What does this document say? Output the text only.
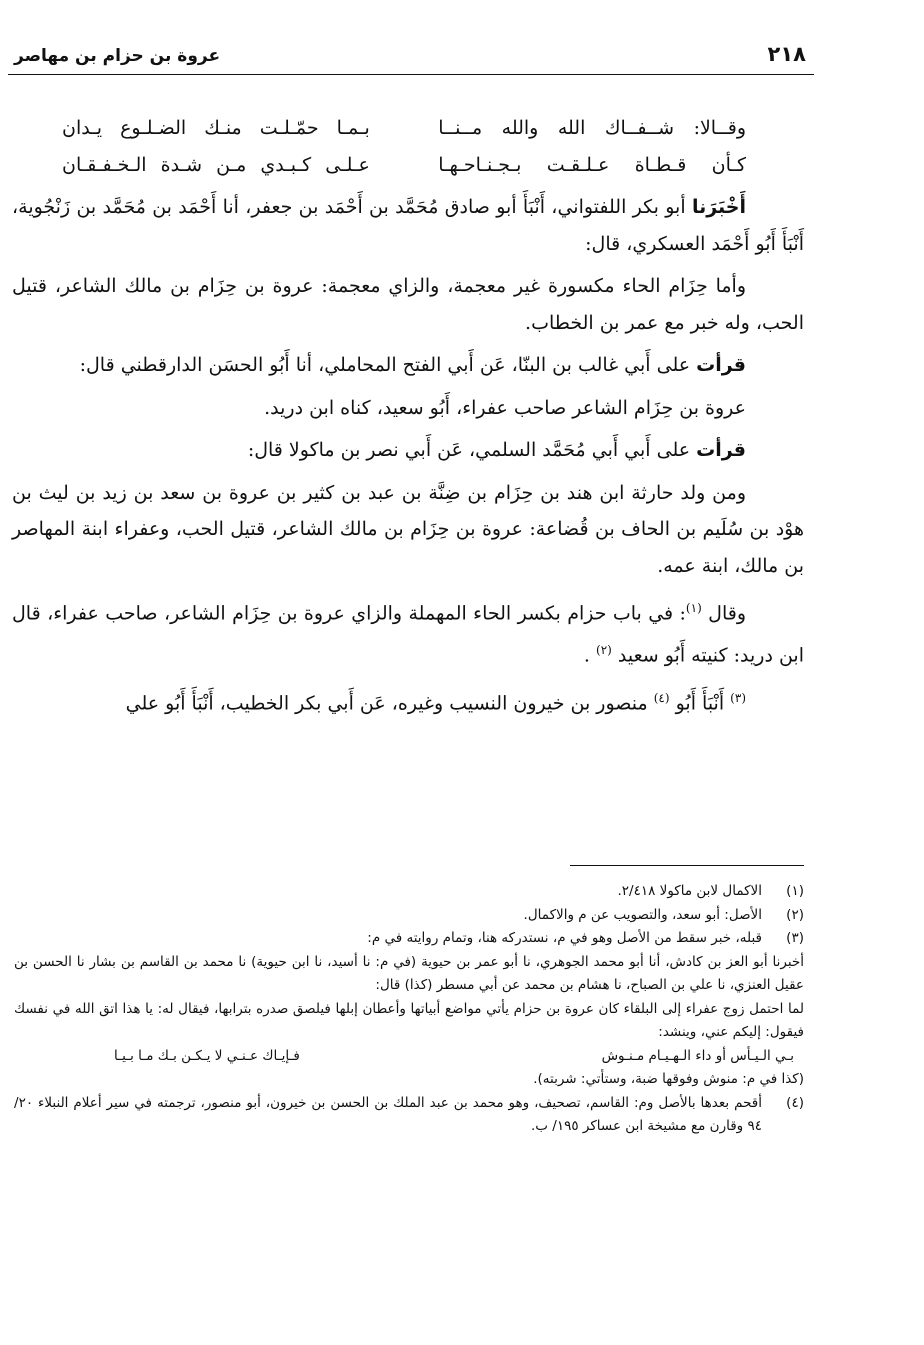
٢١٨
عروة بن حزام بن مهاصر
وقــالا: شــفــاك الله والله مــنــا
بـمـا حمّـلـت منـك الضـلـوع يـدان
كـأن قـطـاة عـلـقـت بـجـنـاحـهـا
عـلـى كـبـدي مـن شـدة الـخـفـقـان

أَخْبَرَنا أبو بكر اللفتواني، أَنْبَأَ أبو صادق مُحَمَّد بن أَحْمَد بن جعفر، أنا أَحْمَد بن مُحَمَّد بن زَنْجُوية، أَنْبَأَ أَبُو أَحْمَد العسكري، قال:

وأما حِزَام الحاء مكسورة غير معجمة، والزاي معجمة: عروة بن حِزَام بن مالك الشاعر، قتيل الحب، وله خبر مع عمر بن الخطاب.

قرأت على أَبي غالب بن البنّا، عَن أَبي الفتح المحاملي، أنا أَبُو الحسَن الدارقطني قال:

عروة بن حِزَام الشاعر صاحب عفراء، أَبُو سعيد، كناه ابن دريد.

قرأت على أَبي أَبي مُحَمَّد السلمي، عَن أَبي نصر بن ماكولا قال:

ومن ولد حارثة ابن هند بن حِزَام بن ضِنَّة بن عبد بن كثير بن عروة بن سعد بن زيد بن ليث بن هوْد بن سُلَيم بن الحاف بن قُضاعة: عروة بن حِزَام بن مالك الشاعر، قتيل الحب، وعفراء ابنة المهاصر بن مالك، ابنة عمه.

وقال $^{(١)}$: في باب حزام بكسر الحاء المهملة والزاي عروة بن حِزَام الشاعر، صاحب عفراء، قال ابن دريد: كنيته أَبُو سعيد $^{(٢)}$ .

$^{(٣)}$ أَنْبَأَ أَبُو $^{(٤)}$ منصور بن خيرون النسيب وغيره، عَن أَبي بكر الخطيب، أَنْبَأَ أَبُو علي

(١)

الاكمال لابن ماكولا ٢/٤١٨.

(٢)

الأصل: أبو سعد، والتصويب عن م والاكمال.

(٣)

قبله، خبر سقط من الأصل وهو في م، نستدركه هنا، وتمام روايته في م:

أخبرنا أبو العز بن كادش، أنا أبو محمد الجوهري، نا أبو عمر بن حيوية (في م: نا أسيد، نا ابن حيوية) نا محمد بن القاسم بن بشار نا الحسن بن عقيل العنزي، نا علي بن الصباح، نا هشام بن محمد عن أبي مسطر (كذا) قال:

لما احتمل زوج عفراء إلى البلقاء كان عروة بن حزام يأتي مواضع أبياتها وأعطان إبلها فيلصق صدره بترابها، فيقال له: يا هذا اتق الله في نفسك فيقول: إليكم عني، وينشد:

بـي الـيـأس أو داء الـهـيـام مـنـوش
فـإيـاك عـنـي لا يـكـن بـك مـا بـيـا

(كذا في م: منوش وفوقها ضبة، وستأتي: شربته).

(٤)

أقحم بعدها بالأصل وم: القاسم، تصحيف، وهو محمد بن عبد الملك بن الحسن بن خيرون، أبو منصور، ترجمته في سير أعلام النبلاء ٢٠/ ٩٤ وقارن مع مشيخة ابن عساكر ١٩٥/ ب.
